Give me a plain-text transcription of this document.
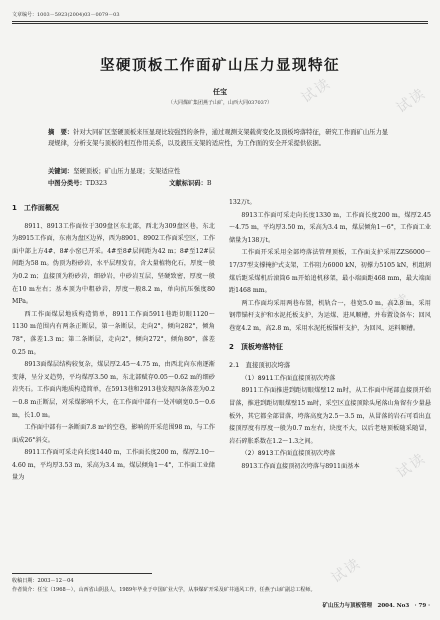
试读	试读
试读
试读
试读
文章编号：1003－5923(2004)03－0079－03
坚硬顶板工作面矿山压力显现特征
任宝
（大同煤矿集团燕子山矿，山西大同037037）
摘　要：针对大同矿区坚硬顶板来压显现比较强烈的条件，通过观测支架载荷变化及顶板垮落特征，研究工作面矿山压力显现规律，分析支架与顶板的相互作用关系，以及液压支架的适应性，为工作面的安全开采提供依据。
关键词：坚硬顶板；矿山压力显现；支架适应性
中图分类号：TD323	文献标识码：B
1　工作面概况

8911、8913工作面位于309盘区东北部，西北为309盘区巷，东北为8915工作面，东南为盘区边界，西为8901、8902工作面采空区，工作面中部上方4#、8#小窑已开采。4#至8#层间距为42 m；8#至12#层间距为58 m。伪顶为粉砂岩，水平层理发育，含大量植物化石，厚度一般为0.2 m；直接顶为粉砂岩，细砂岩，中砂岩互层，坚硬致密，厚度一般在10 m左右；基本顶为中粗砂岩，厚度一般8.2 m，单向抗压强度80 MPa。

西工作面煤层地质构造简单，8911工作面5911巷距切眼1120～1130 m范围内有两条正断层，第一条断层，走向2°，倾向282°，倾角78°，落差1.3 m；第二条断层，走向2°，倾向272°，倾角80°，落差0.25 m。

8913面煤层结构较复杂，煤层厚2.45～4.75 m，由西北向东南逐渐变薄，呈分叉趋势，平均煤厚3.50 m，东北部赋存0.05～0.62 m的细砂岩夹石。工作面内地质构造简单，在5913巷和2913巷发现四条落差为0.2～0.8 m正断层，对采煤影响不大，在工作面中部有一处冲刷宽0.5～0.6 m，长1.0 m。

工作面中部有一条断面7.8 m²的空巷，影响的开采范围98 m，与工作面成26°斜交。

8911工作面可采走向长度1440 m，工作面长度200 m，煤厚2.10～4.60 m，平均厚3.53 m，采高为3.4 m，煤层倾角1～4°，工作面工业储量为

132万t。

8913工作面可采走向长度1330 m，工作面长度200 m，煤厚2.45～4.75 m，平均厚3.50 m，采高为3.4 m，煤层倾角1～6°，工作面工业储量为138万t。

工作面开采采用全部垮落法管理顶板，工作面支护采用ZZS6000－17/37型支撑掩护式支架，工作阻力6000 kN，初撑力5105 kN，机组割煤后距采煤机后滚筒6 m开始追机移架，最小端面距468 mm，最大端面距1468 mm。

两工作面均采用两巷布置，机轨合一，巷宽5.0 m，高2.8 m，采用钢带锚杆支护和水泥托板支护，为运煤、进风顺槽，并布置设备车；回风巷宽4.2 m，高2.8 m，采用水泥托板锚杆支护，为回风、运料顺槽。

2　顶板垮落特征
2.1　直接顶初次垮落
（1）8911工作面直接顶初次垮落

8911工作面推进到距切眼煤壁12 m时，从工作面中尾部直接顶开始冒落，推进到距切眼煤壁15 m时，采空区直接顶除头尾落山角留有少量悬板外，其它都全部冒落，垮落高度为2.5～3.5 m，从冒落的岩石可看出直接顶厚度有厚度一般为0.7 m左右，块度不大，以后老塘顶板随采随冒，岩石碎胀系数在1.2～1.3之间。

（2）8913工作面直接顶初次垮落

8913工作面直接顶初次垮落与8911面基本

收稿日期：2003－12－04
作者简介：任宝（1968－），山西省山阴县人，1989年毕业于中国矿业大学，从事煤矿开采及矿井通风工作，任燕子山矿副总工程师。
矿山压力与顶板管理　2004. No3　· 79 ·
